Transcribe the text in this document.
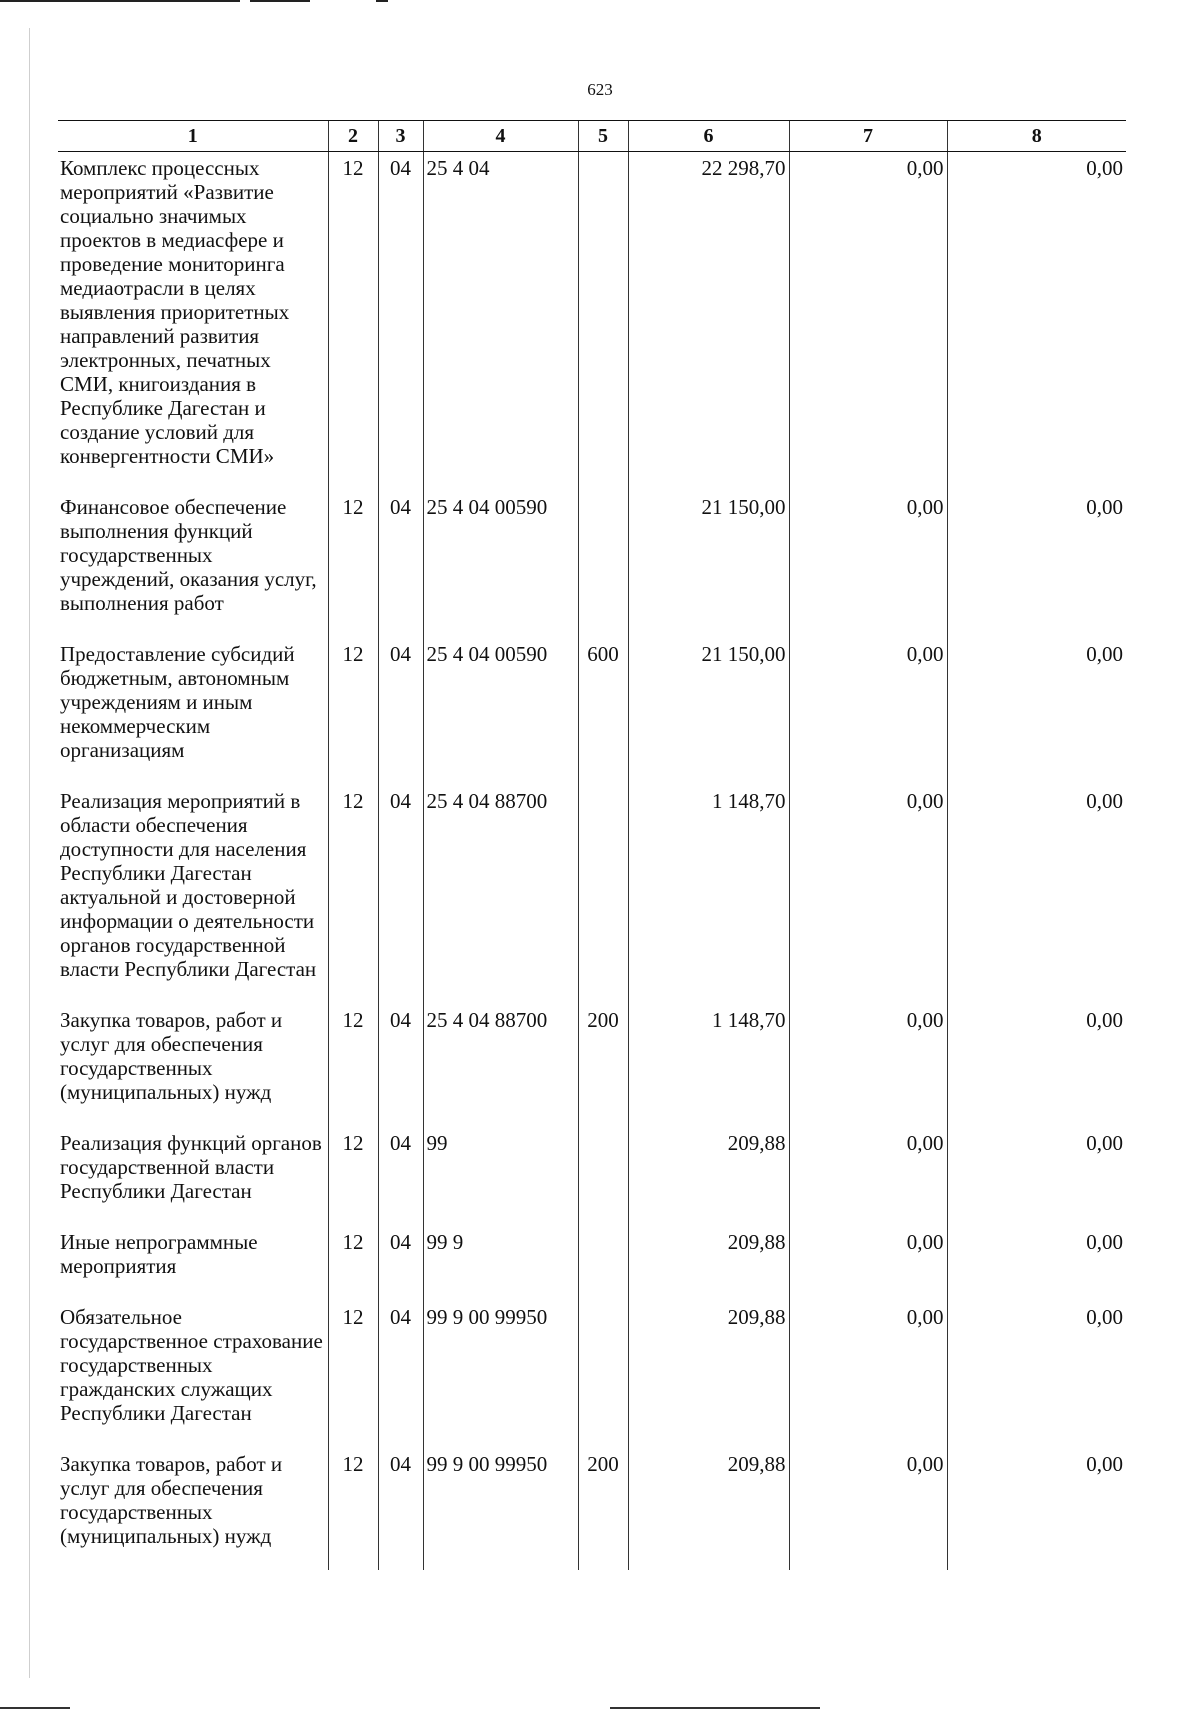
623
1	2	3	4	5	6	7	8
Комплекс процессных мероприятий «Развитие социально значимых проектов в медиасфере и проведение мониторинга медиаотрасли в целях выявления приоритетных направлений развития электронных, печатных СМИ, книгоиздания в Республике Дагестан и создание условий для конвергентности СМИ»	12	04	25 4 04		22 298,70	0,00	0,00
Финансовое обеспечение выполнения функций государственных учреждений, оказания услуг, выполнения работ	12	04	25 4 04 00590		21 150,00	0,00	0,00
Предоставление субсидий бюджетным, автономным учреждениям и иным некоммерческим организациям	12	04	25 4 04 00590	600	21 150,00	0,00	0,00
Реализация мероприятий в области обеспечения доступности для населения Республики Дагестан актуальной и достоверной информации о деятельности органов государственной власти Республики Дагестан	12	04	25 4 04 88700		1 148,70	0,00	0,00
Закупка товаров, работ и услуг для обеспечения государственных (муниципальных) нужд	12	04	25 4 04 88700	200	1 148,70	0,00	0,00
Реализация функций органов государственной власти Республики Дагестан	12	04	99		209,88	0,00	0,00
Иные непрограммные мероприятия	12	04	99 9		209,88	0,00	0,00
Обязательное государственное страхование государственных гражданских служащих Республики Дагестан	12	04	99 9 00 99950		209,88	0,00	0,00
Закупка товаров, работ и услуг для обеспечения государственных (муниципальных) нужд	12	04	99 9 00 99950	200	209,88	0,00	0,00
